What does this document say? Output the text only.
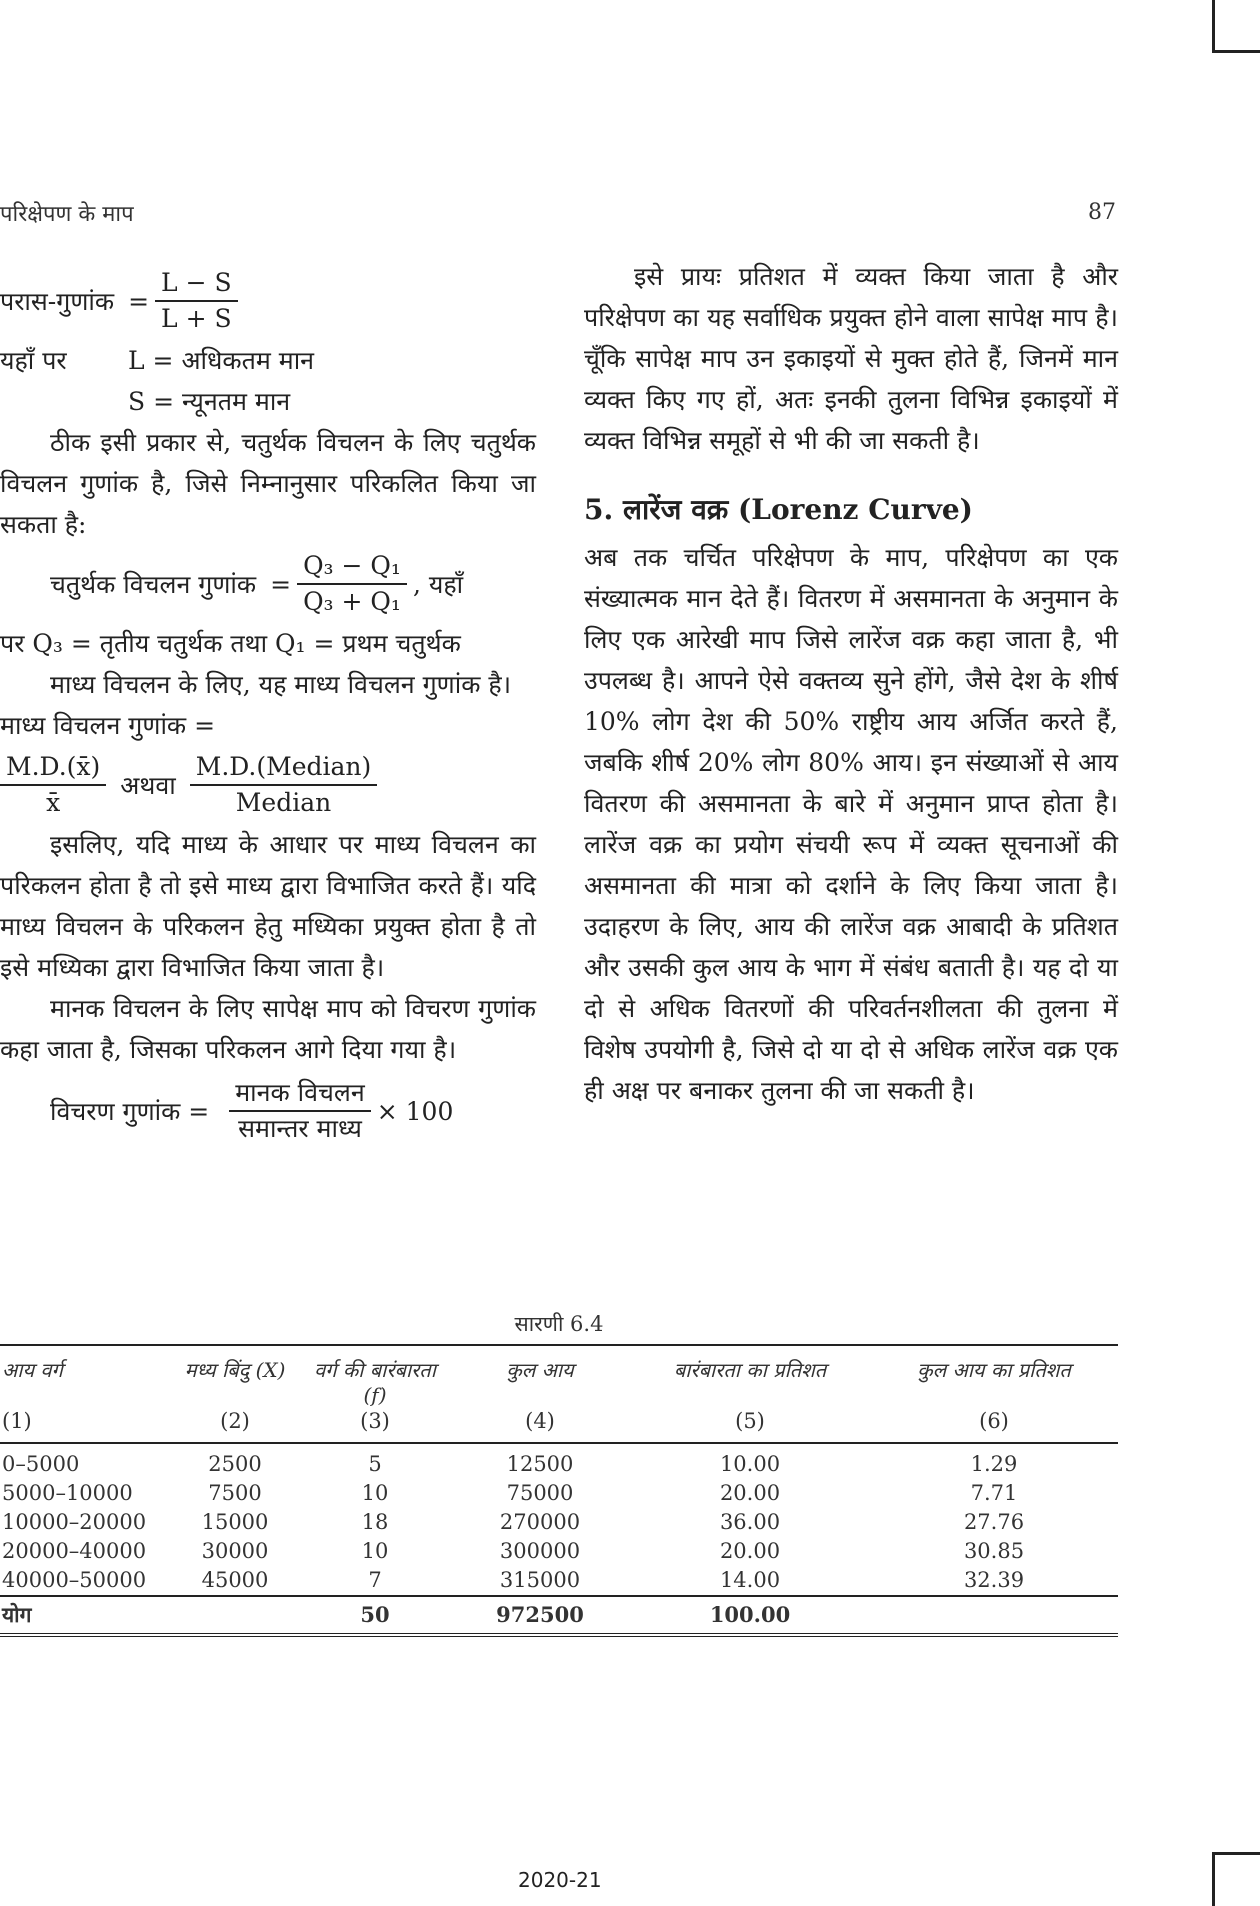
परिक्षेपण के माप	87
परास-गुणांक = $\frac{L - S}{L + S}$
यहाँ पर	L = अधिकतम मान
S = न्यूनतम मान

ठीक इसी प्रकार से, चतुर्थक विचलन के लिए चतुर्थक विचलन गुणांक है, जिसे निम्नानुसार परिकलित किया जा सकता है:

चतुर्थक विचलन गुणांक = $\frac{\text{Q₃ − Q₁}}{\text{Q₃ + Q₁}}$ , यहाँ

पर Q₃ = तृतीय चतुर्थक तथा Q₁ = प्रथम चतुर्थक

माध्य विचलन के लिए, यह माध्य विचलन गुणांक है।

माध्य विचलन गुणांक =

$\frac{M.D.(x̄)}{x̄}$ अथवा $\frac{\text{M.D.(Median)}}{\text{Median}}$

इसलिए, यदि माध्य के आधार पर माध्य विचलन का परिकलन होता है तो इसे माध्य द्वारा विभाजित करते हैं। यदि माध्य विचलन के परिकलन हेतु मध्यिका प्रयुक्त होता है तो इसे मध्यिका द्वारा विभाजित किया जाता है।

मानक विचलन के लिए सापेक्ष माप को विचरण गुणांक कहा जाता है, जिसका परिकलन आगे दिया गया है।

विचरण गुणांक = $\frac{\text{मानक विचलन}}{\text{समान्तर माध्य}} \times 100$

इसे प्रायः प्रतिशत में व्यक्त किया जाता है और परिक्षेपण का यह सर्वाधिक प्रयुक्त होने वाला सापेक्ष माप है। चूँकि सापेक्ष माप उन इकाइयों से मुक्त होते हैं, जिनमें मान व्यक्त किए गए हों, अतः इनकी तुलना विभिन्न इकाइयों में व्यक्त विभिन्न समूहों से भी की जा सकती है।

5. लारेंज वक्र (Lorenz Curve)

अब तक चर्चित परिक्षेपण के माप, परिक्षेपण का एक संख्यात्मक मान देते हैं। वितरण में असमानता के अनुमान के लिए एक आरेखी माप जिसे लारेंज वक्र कहा जाता है, भी उपलब्ध है। आपने ऐसे वक्तव्य सुने होंगे, जैसे देश के शीर्ष 10% लोग देश की 50% राष्ट्रीय आय अर्जित करते हैं, जबकि शीर्ष 20% लोग 80% आय। इन संख्याओं से आय वितरण की असमानता के बारे में अनुमान प्राप्त होता है। लारेंज वक्र का प्रयोग संचयी रूप में व्यक्त सूचनाओं की असमानता की मात्रा को दर्शाने के लिए किया जाता है। उदाहरण के लिए, आय की लारेंज वक्र आबादी के प्रतिशत और उसकी कुल आय के भाग में संबंध बताती है। यह दो या दो से अधिक वितरणों की परिवर्तनशीलता की तुलना में विशेष उपयोगी है, जिसे दो या दो से अधिक लारेंज वक्र एक ही अक्ष पर बनाकर तुलना की जा सकती है।

सारणी 6.4
आय वर्ग	मध्य बिंदु (X)	वर्ग की बारंबारता (f)	कुल आय	बारंबारता का प्रतिशत	कुल आय का प्रतिशत
(1)	(2)	(3)	(4)	(5)	(6)
0–5000	2500	5	12500	10.00	1.29
5000–10000	7500	10	75000	20.00	7.71
10000–20000	15000	18	270000	36.00	27.76
20000–40000	30000	10	300000	20.00	30.85
40000–50000	45000	7	315000	14.00	32.39
योग		50	972500	100.00	
2020-21
